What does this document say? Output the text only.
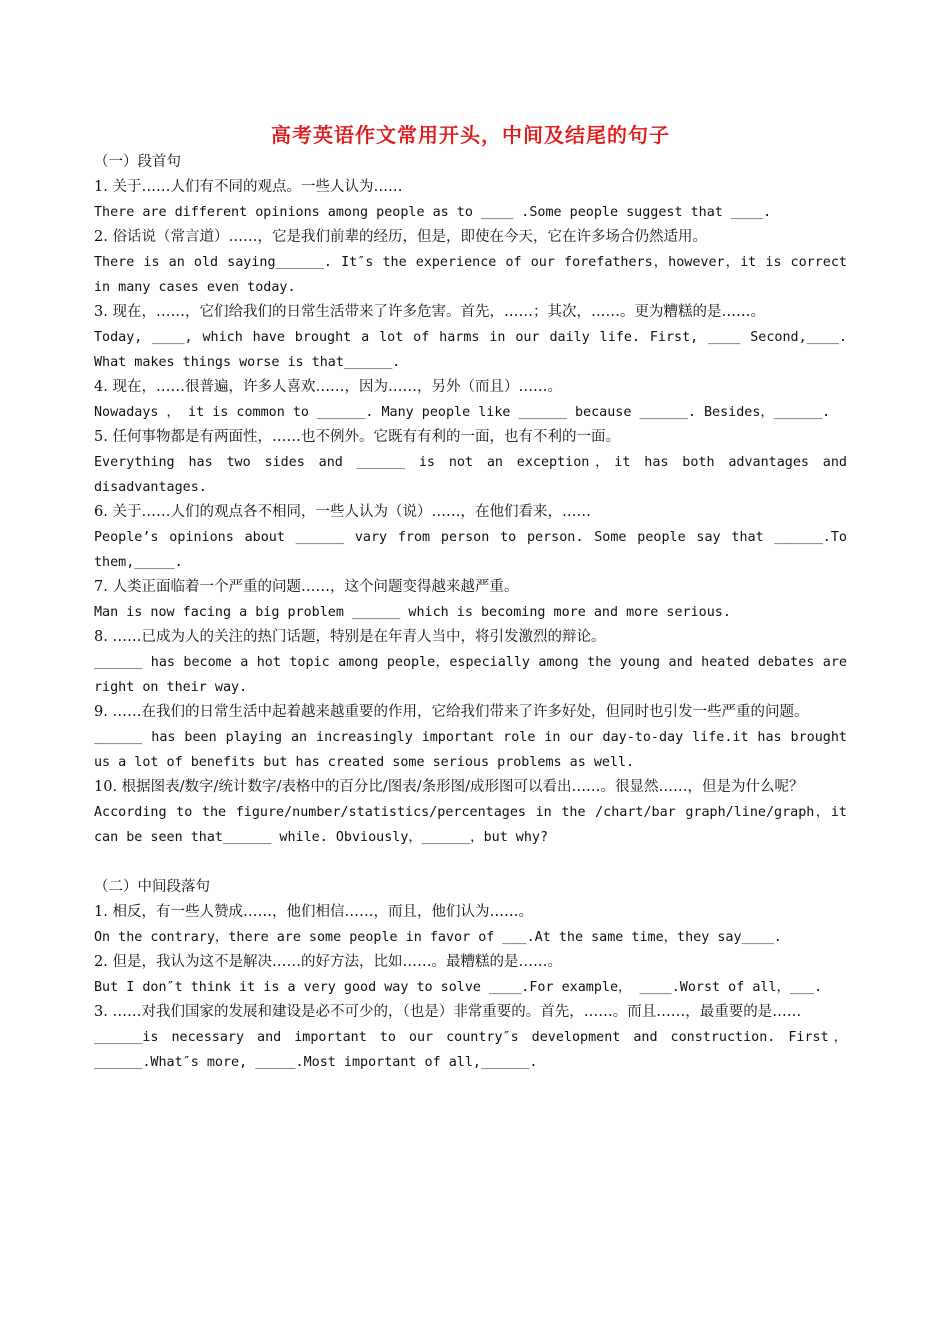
高考英语作文常用开头，中间及结尾的句子

（一）段首句

1. 关于……人们有不同的观点。一些人认为……

There are different opinions among people as to ____ .Some people suggest that ____.

2. 俗话说（常言道）……，它是我们前辈的经历，但是，即使在今天，它在许多场合仍然适用。

There is an old saying______. It″s the experience of our forefathers，however，it is correct in many cases even today.

3. 现在，……，它们给我们的日常生活带来了许多危害。首先，……；其次，……。更为糟糕的是……。

Today, ____, which have brought a lot of harms in our daily life. First, ____ Second,____. What makes things worse is that______.

4. 现在，……很普遍，许多人喜欢……，因为……，另外（而且）……。

Nowadays ， it is common to ______. Many people like ______ because ______. Besides，______.

5. 任何事物都是有两面性，……也不例外。它既有有利的一面，也有不利的一面。

Everything has two sides and ______ is not an exception，it has both advantages and disadvantages.

6. 关于……人们的观点各不相同，一些人认为（说）……，在他们看来，……

People’s opinions about ______ vary from person to person. Some people say that ______.To them,_____.

7. 人类正面临着一个严重的问题……，这个问题变得越来越严重。

Man is now facing a big problem ______ which is becoming more and more serious.

8. ……已成为人的关注的热门话题，特别是在年青人当中，将引发激烈的辩论。

______ has become a hot topic among people，especially among the young and heated debates are right on their way.

9. ……在我们的日常生活中起着越来越重要的作用，它给我们带来了许多好处，但同时也引发一些严重的问题。

______ has been playing an increasingly important role in our day-to-day life.it has brought us a lot of benefits but has created some serious problems as well.

10. 根据图表/数字/统计数字/表格中的百分比/图表/条形图/成形图可以看出……。很显然……，但是为什么呢？

According to the figure/number/statistics/percentages in the /chart/bar graph/line/graph，it can be seen that______ while. Obviously，______，but why?

（二）中间段落句

1. 相反，有一些人赞成……，他们相信……，而且，他们认为……。

On the contrary，there are some people in favor of ___.At the same time，they say____.

2. 但是，我认为这不是解决……的好方法，比如……。最糟糕的是……。

But I don″t think it is a very good way to solve ____.For example， ____.Worst of all，___.

3. ……对我们国家的发展和建设是必不可少的，（也是）非常重要的。首先，……。而且……，最重要的是……

______is necessary and important to our country″s development and construction. First，______.What″s more, _____.Most important of all,______.
